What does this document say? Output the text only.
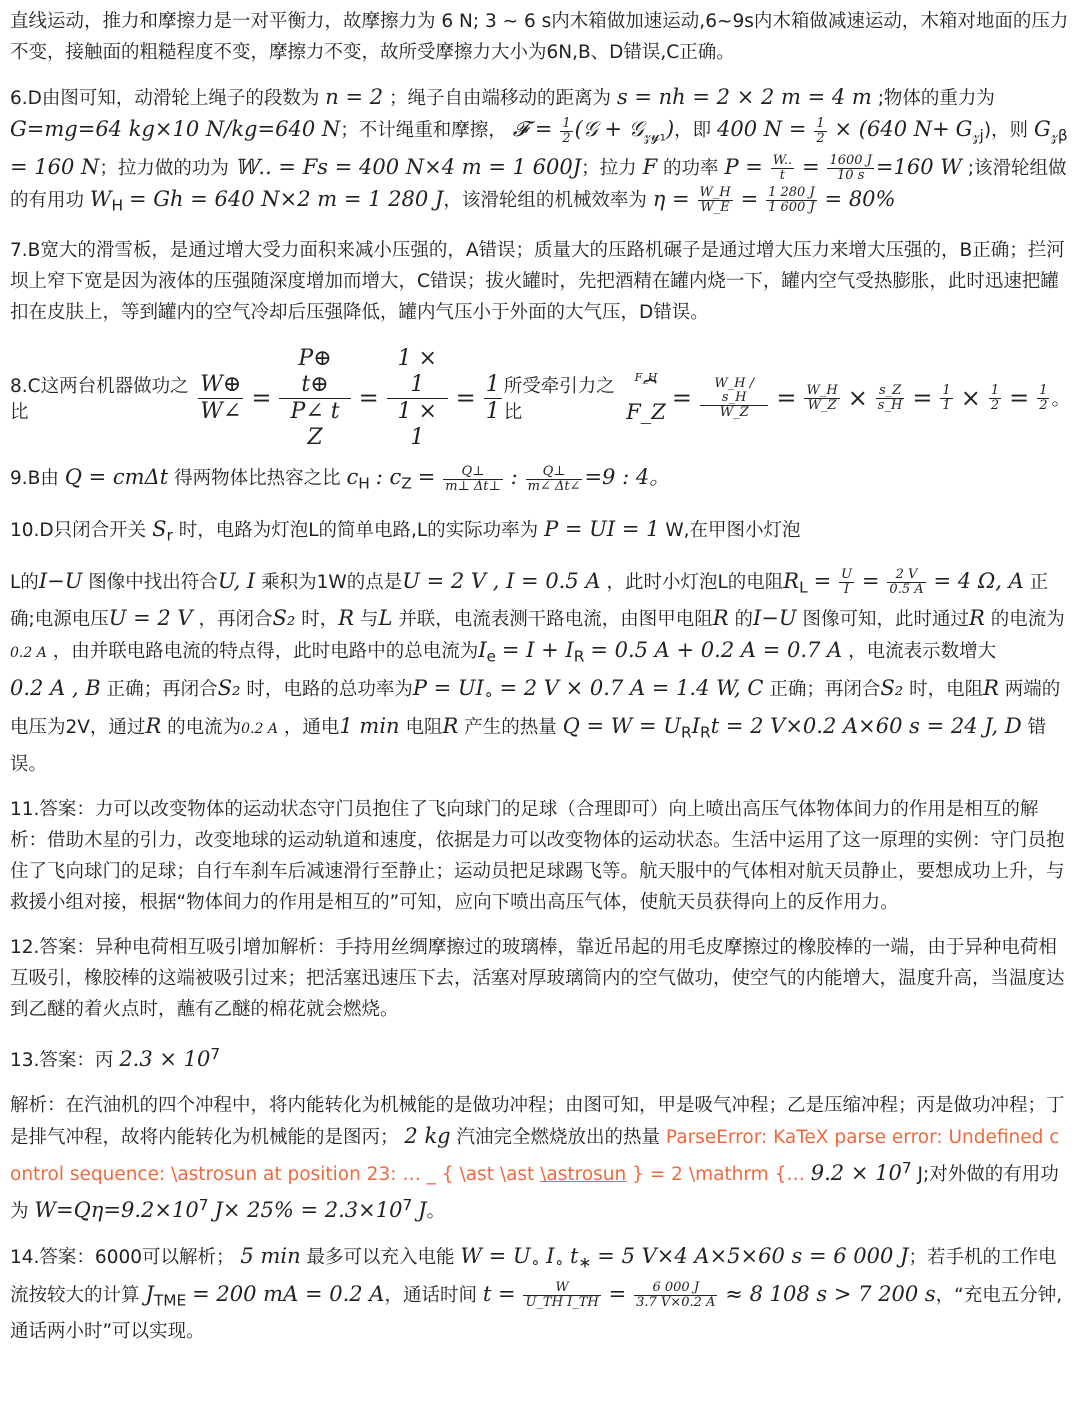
直线运动，推力和摩擦力是一对平衡力，故摩擦力为 6 N; 3 ∼ 6 s内木箱做加速运动,6~9s内木箱做减速运动，木箱对地面的压力不变，接触面的粗糙程度不变，摩擦力不变，故所受摩擦力大小为6N,B、D错误,C正确。

6.D由图可知，动滑轮上绳子的段数为 n = 2 ；绳子自由端移动的距离为 s = nh = 2 × 2 m = 4 m ;物体的重力为 G=mg=64 kg×10 N/kg=640 N；不计绳重和摩擦， 𝓕 = $\frac{1}{2}$ (𝒢 + 𝒢$_{𝓏𝓎_1}$)，即 400 $N = \frac{1}{2} \times (640$ $N+ G_{𝓏j}$)，则 $G_{𝓏\beta} = 160$ N；拉力做的功为 𝕎.. = Fs = 400 N×4 m = 1 600J；拉力 F 的功率 $P = \frac{W..}{t} = \frac{1600 J}{10 s} =160$ W ;该滑轮组做的有用功 $W_H = Gh = 640$ N×2 m = 1 280 J，该滑轮组的机械效率为 $\eta = \frac{W\_H}{W\_E} = \frac{1 280 J}{1 600 J} = 80\%$

7.B宽大的滑雪板，是通过增大受力面积来减小压强的，A错误；质量大的压路机碾子是通过增大压力来增大压强的，B正确；拦河坝上窄下宽是因为液体的压强随深度增加而增大，C错误；拔火罐时，先把酒精在罐内烧一下，罐内空气受热膨胀，此时迅速把罐扣在皮肤上，等到罐内的空气冷却后压强降低，罐内气压小于外面的大气压，D错误。

8.C这两台机器做功之比	$\frac{W\oplus}{W\angle} = \frac{P\oplus t\oplus}{\text{P∠ t Z}} = \frac{1 \times 1}{1 \times 1} = \frac{1}{1}$ 所受牵引力之比
F_H
⏞
F_Z = $\frac{W\_H / s\_H}{W\_Z} = \frac{W\_H}{W\_Z} \times \frac{s\_Z}{s\_H} = \frac{1}{1} \times \frac{1}{2} = \frac{1}{2}$ 。

9.B由 Q = cmΔt 得两物体比热容之比 $c_H$ : $c_Z = \frac{Q\perp}{m\perp \Delta t\perp}$ : $\frac{Q\perp}{m\angle \Delta t\angle} =9$ : 4。

10.D只闭合开关 $S_r$ 时，电路为灯泡L的简单电路,L的实际功率为 P = UI = 1 W,在甲图小灯泡

L的I−U 图像中找出符合U, I 乘积为1W的点是U = 2 V , I = 0.5 A ，此时小灯泡L的电阻$R_L = \frac{U}{I} = \frac{2 V}{0.5 A} = 4$ Ω, A 正确;电源电压U = 2 V ，再闭合S₂ 时，R 与L 并联，电流表测干路电流，由图甲电阻R 的I−U 图像可知，此时通过R 的电流为0.2 A ，由并联电路电流的特点得，此时电路中的总电流为$I_e = I + I_R = 0.5$ A + 0.2 A = 0.7 A ，电流表示数增大0.2 A , B 正确；再闭合S₂ 时，电路的总功率为$P = UI_\circ = 2$ V × 0.7 A = 1.4 W, C 正确；再闭合S₂ 时，电阻R 两端的电压为2V，通过R 的电流为0.2 A ，通电1 min 电阻R 产生的热量 $Q = W = U_RI_Rt = 2$ V×0.2 A×60 s = 24 J, D 错误。

11.答案：力可以改变物体的运动状态守门员抱住了飞向球门的足球（合理即可）向上喷出高压气体物体间力的作用是相互的解析：借助木星的引力，改变地球的运动轨道和速度，依据是力可以改变物体的运动状态。生活中运用了这一原理的实例：守门员抱住了飞向球门的足球；自行车刹车后减速滑行至静止；运动员把足球踢飞等。航天服中的气体相对航天员静止，要想成功上升，与救援小组对接，根据“物体间力的作用是相互的”可知，应向下喷出高压气体，使航天员获得向上的反作用力。

12.答案：异种电荷相互吸引增加解析：手持用丝绸摩擦过的玻璃棒，靠近吊起的用毛皮摩擦过的橡胶棒的一端，由于异种电荷相互吸引，橡胶棒的这端被吸引过来；把活塞迅速压下去，活塞对厚玻璃筒内的空气做功，使空气的内能增大，温度升高，当温度达到乙醚的着火点时，蘸有乙醚的棉花就会燃烧。

13.答案：丙 $2.3 \times 10^7$

解析：在汽油机的四个冲程中，将内能转化为机械能的是做功冲程；由图可知，甲是吸气冲程；乙是压缩冲程；丙是做功冲程；丁是排气冲程，故将内能转化为机械能的是图丙； 2 kg 汽油完全燃烧放出的热量 ParseError: KaTeX parse error: Undefined control sequence: \astrosun at position 23: … _ { \ast \ast \astrosun } = 2 \mathrm {… $9.2 \times 10^7$ J;对外做的有用功为 $W=Q\eta=9.2\times 10^7$ $J\times 25\% = 2.3\times 10^7$ J。

14.答案：6000可以解析； 5 min 最多可以充入电能 $W = U_\circ$ $I_\circ$ $t_∗ = 5$ V×4 A×5×60 s = 6 000 J；若手机的工作电流按较大的计算 $J_{TME} = 200$ mA = 0.2 A，通话时间 $t = \frac{W}{\text{U\_TH I\_TH}} = \frac{6 000 J}{3.7 V\times 0.2 A} \approx 8$ 108 s > 7 200 s，“充电五分钟,通话两小时”可以实现。
